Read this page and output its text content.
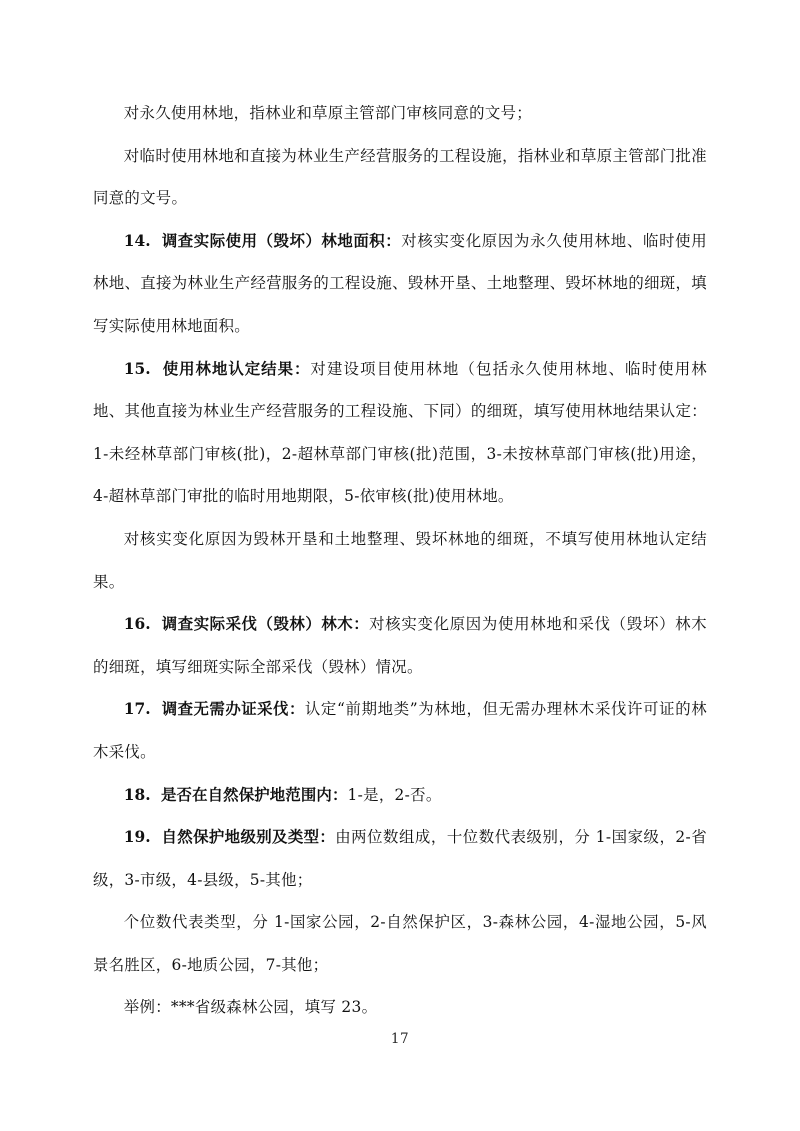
对永久使用林地，指林业和草原主管部门审核同意的文号；

对临时使用林地和直接为林业生产经营服务的工程设施，指林业和草原主管部门批准同意的文号。

14. 调查实际使用（毁坏）林地面积：对核实变化原因为永久使用林地、临时使用林地、直接为林业生产经营服务的工程设施、毁林开垦、土地整理、毁坏林地的细斑，填写实际使用林地面积。

15. 使用林地认定结果：对建设项目使用林地（包括永久使用林地、临时使用林地、其他直接为林业生产经营服务的工程设施、下同）的细斑，填写使用林地结果认定：1-未经林草部门审核(批)，2-超林草部门审核(批)范围，3-未按林草部门审核(批)用途，4-超林草部门审批的临时用地期限，5-依审核(批)使用林地。

对核实变化原因为毁林开垦和土地整理、毁坏林地的细斑，不填写使用林地认定结果。

16. 调查实际采伐（毁林）林木：对核实变化原因为使用林地和采伐（毁坏）林木的细斑，填写细斑实际全部采伐（毁林）情况。

17. 调查无需办证采伐：认定“前期地类”为林地，但无需办理林木采伐许可证的林木采伐。

18. 是否在自然保护地范围内：1-是，2-否。

19. 自然保护地级别及类型：由两位数组成，十位数代表级别，分 1-国家级，2-省级，3-市级，4-县级，5-其他；

个位数代表类型，分 1-国家公园，2-自然保护区，3-森林公园，4-湿地公园，5-风景名胜区，6-地质公园，7-其他；

举例：***省级森林公园，填写 23。

17
